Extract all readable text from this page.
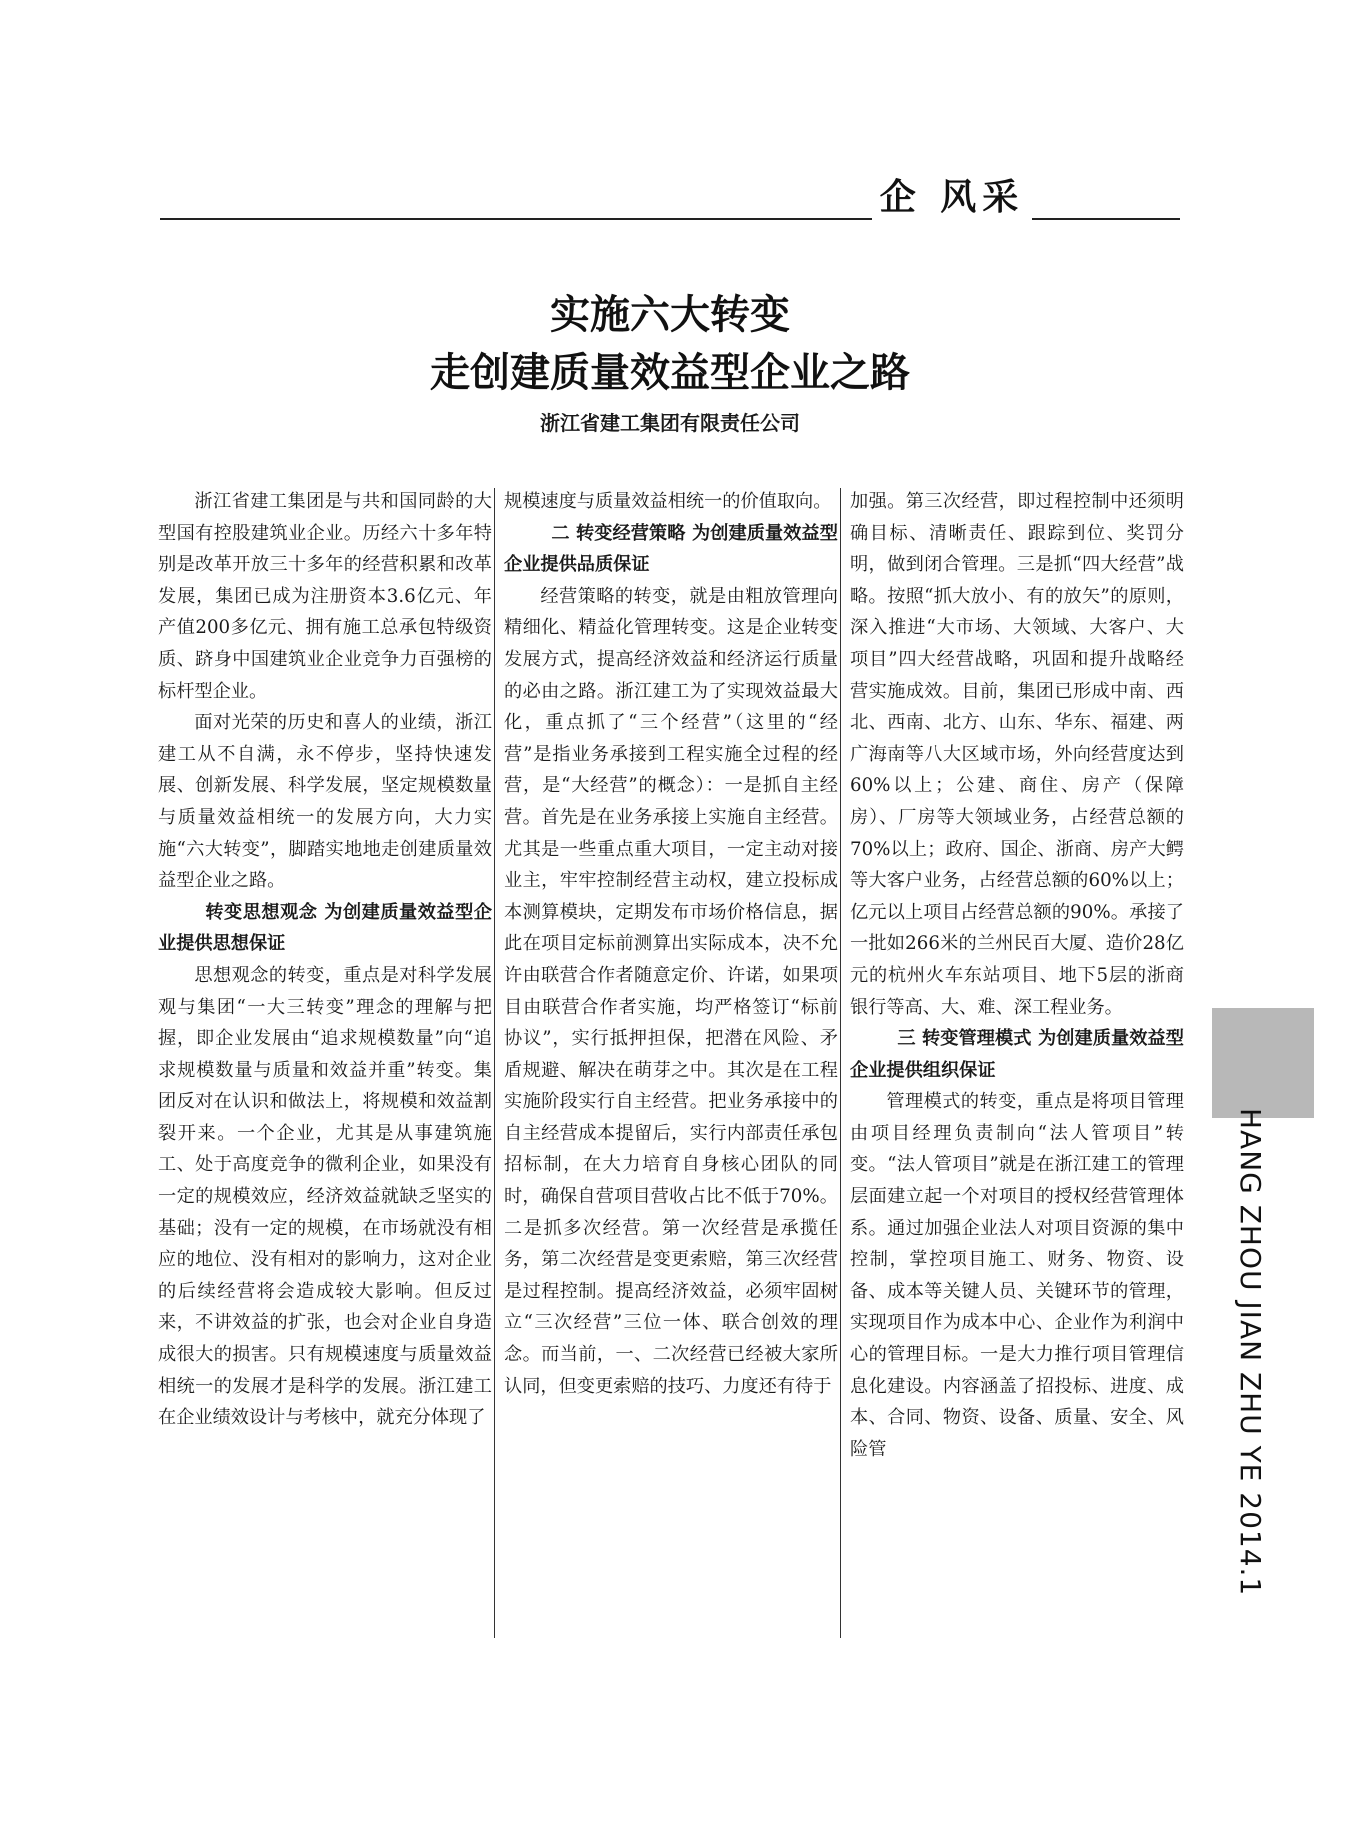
企 风采
实施六大转变
走创建质量效益型企业之路
浙江省建工集团有限责任公司

浙江省建工集团是与共和国同龄的大型国有控股建筑业企业。历经六十多年特别是改革开放三十多年的经营积累和改革发展，集团已成为注册资本3.6亿元、年产值200多亿元、拥有施工总承包特级资质、跻身中国建筑业企业竞争力百强榜的标杆型企业。

面对光荣的历史和喜人的业绩，浙江建工从不自满，永不停步，坚持快速发展、创新发展、科学发展，坚定规模数量与质量效益相统一的发展方向，大力实施“六大转变”，脚踏实地地走创建质量效益型企业之路。

转变思想观念 为创建质量效益型企业提供思想保证

思想观念的转变，重点是对科学发展观与集团“一大三转变”理念的理解与把握，即企业发展由“追求规模数量”向“追求规模数量与质量和效益并重”转变。集团反对在认识和做法上，将规模和效益割裂开来。一个企业，尤其是从事建筑施工、处于高度竞争的微利企业，如果没有一定的规模效应，经济效益就缺乏坚实的基础；没有一定的规模，在市场就没有相应的地位、没有相对的影响力，这对企业的后续经营将会造成较大影响。但反过来，不讲效益的扩张，也会对企业自身造成很大的损害。只有规模速度与质量效益相统一的发展才是科学的发展。浙江建工在企业绩效设计与考核中，就充分体现了

规模速度与质量效益相统一的价值取向。

二 转变经营策略 为创建质量效益型企业提供品质保证

经营策略的转变，就是由粗放管理向精细化、精益化管理转变。这是企业转变发展方式，提高经济效益和经济运行质量的必由之路。浙江建工为了实现效益最大化，重点抓了“三个经营”（这里的“经营”是指业务承接到工程实施全过程的经营，是“大经营”的概念）：一是抓自主经营。首先是在业务承接上实施自主经营。尤其是一些重点重大项目，一定主动对接业主，牢牢控制经营主动权，建立投标成本测算模块，定期发布市场价格信息，据此在项目定标前测算出实际成本，决不允许由联营合作者随意定价、许诺，如果项目由联营合作者实施，均严格签订“标前协议”，实行抵押担保，把潜在风险、矛盾规避、解决在萌芽之中。其次是在工程实施阶段实行自主经营。把业务承接中的自主经营成本提留后，实行内部责任承包招标制，在大力培育自身核心团队的同时，确保自营项目营收占比不低于70%。二是抓多次经营。第一次经营是承揽任务，第二次经营是变更索赔，第三次经营是过程控制。提高经济效益，必须牢固树立“三次经营”三位一体、联合创效的理念。而当前，一、二次经营已经被大家所认同，但变更索赔的技巧、力度还有待于

加强。第三次经营，即过程控制中还须明确目标、清晰责任、跟踪到位、奖罚分明，做到闭合管理。三是抓“四大经营”战略。按照“抓大放小、有的放矢”的原则，深入推进“大市场、大领域、大客户、大项目”四大经营战略，巩固和提升战略经营实施成效。目前，集团已形成中南、西北、西南、北方、山东、华东、福建、两广海南等八大区域市场，外向经营度达到60%以上；公建、商住、房产（保障房）、厂房等大领域业务，占经营总额的70%以上；政府、国企、浙商、房产大鳄等大客户业务，占经营总额的60%以上；亿元以上项目占经营总额的90%。承接了一批如266米的兰州民百大厦、造价28亿元的杭州火车东站项目、地下5层的浙商银行等高、大、难、深工程业务。

三 转变管理模式 为创建质量效益型企业提供组织保证

管理模式的转变，重点是将项目管理由项目经理负责制向“法人管项目”转变。“法人管项目”就是在浙江建工的管理层面建立起一个对项目的授权经营管理体系。通过加强企业法人对项目资源的集中控制，掌控项目施工、财务、物资、设备、成本等关键人员、关键环节的管理，实现项目作为成本中心、企业作为利润中心的管理目标。一是大力推行项目管理信息化建设。内容涵盖了招投标、进度、成本、合同、物资、设备、质量、安全、风险管	HANG ZHOU JIAN ZHU YE 2014.1
